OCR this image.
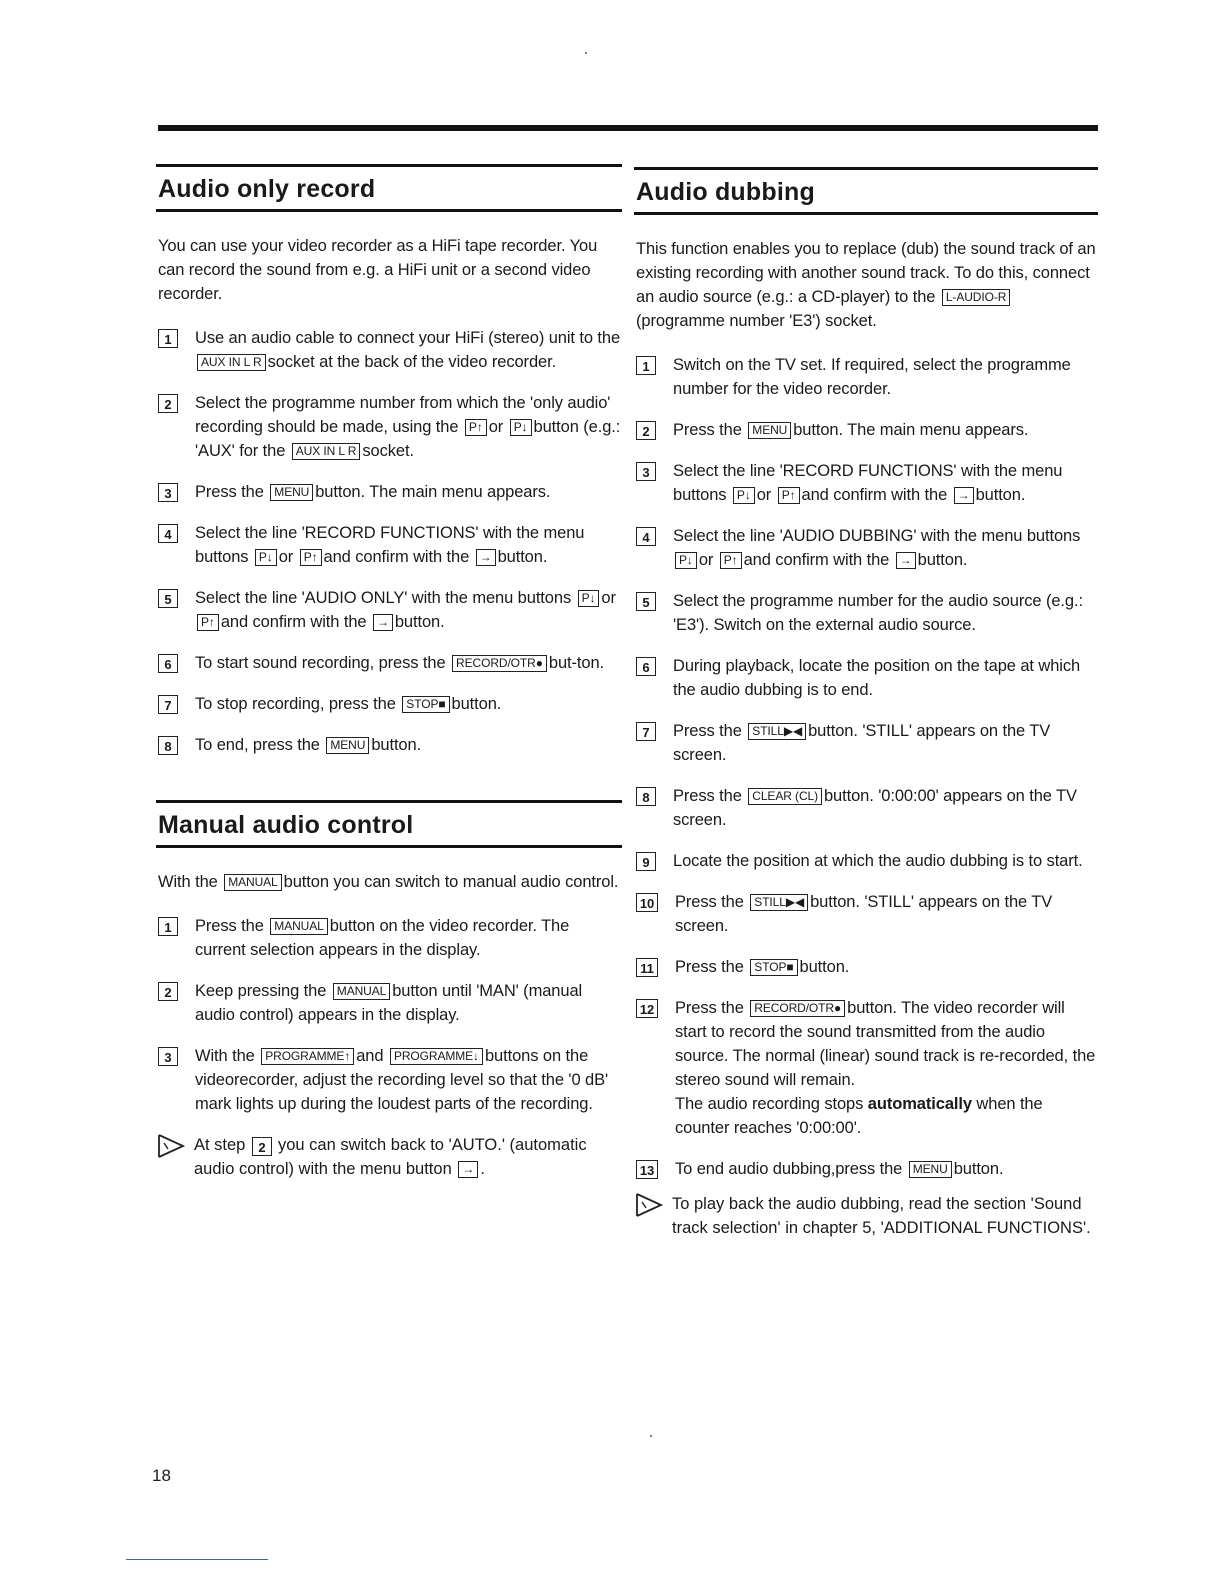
Audio only record

You can use your video recorder as a HiFi tape recorder. You can record the sound from e.g. a HiFi unit or a second video recorder.

1	Use an audio cable to connect your HiFi (stereo) unit to the AUX IN L R socket at the back of the video recorder.
2	Select the programme number from which the 'only audio' recording should be made, using the P↑ or P↓ button (e.g.: 'AUX' for the AUX IN L R socket.
3	Press the MENU button. The main menu appears.
4	Select the line 'RECORD FUNCTIONS' with the menu buttons P↓ or P↑ and confirm with the → button.
5	Select the line 'AUDIO ONLY' with the menu buttons P↓ or P↑ and confirm with the → button.
6	To start sound recording, press the RECORD/OTR● but-ton.
7	To stop recording, press the STOP■ button.
8	To end, press the MENU button.
Manual audio control

With the MANUAL button you can switch to manual audio control.

1	Press the MANUAL button on the video recorder. The current selection appears in the display.
2	Keep pressing the MANUAL button until 'MAN' (manual audio control) appears in the display.
3	With the PROGRAMME↑ and PROGRAMME↓ buttons on the videorecorder, adjust the recording level so that the '0 dB' mark lights up during the loudest parts of the recording.
At step 2 you can switch back to 'AUTO.' (automatic audio control) with the menu button → .
Audio dubbing

This function enables you to replace (dub) the sound track of an existing recording with another sound track. To do this, connect an audio source (e.g.: a CD-player) to the L-AUDIO-R(programme number 'E3') socket.

1	Switch on the TV set. If required, select the programme number for the video recorder.
2	Press the MENU button. The main menu appears.
3	Select the line 'RECORD FUNCTIONS' with the menu buttons P↓ or P↑ and confirm with the → button.
4	Select the line 'AUDIO DUBBING' with the menu buttons P↓ or P↑ and confirm with the → button.
5	Select the programme number for the audio source (e.g.: 'E3'). Switch on the external audio source.
6	During playback, locate the position on the tape at which the audio dubbing is to end.
7	Press the STILL▶◀ button. 'STILL' appears on the TV screen.
8	Press the CLEAR (CL) button. '0:00:00' appears on the TV screen.
9	Locate the position at which the audio dubbing is to start.
10 Press the STILL▶◀ button. 'STILL' appears on the TV screen.
11 Press the STOP■ button.
12 Press the RECORD/OTR● button. The video recorder will start to record the sound transmitted from the audio source. The normal (linear) sound track is re-recorded, the stereo sound will remain.
The audio recording stops automatically when the counter reaches '0:00:00'.
13 To end audio dubbing,press the MENU button.
To play back the audio dubbing, read the section 'Sound track selection' in chapter 5, 'ADDITIONAL FUNCTIONS'.
18
